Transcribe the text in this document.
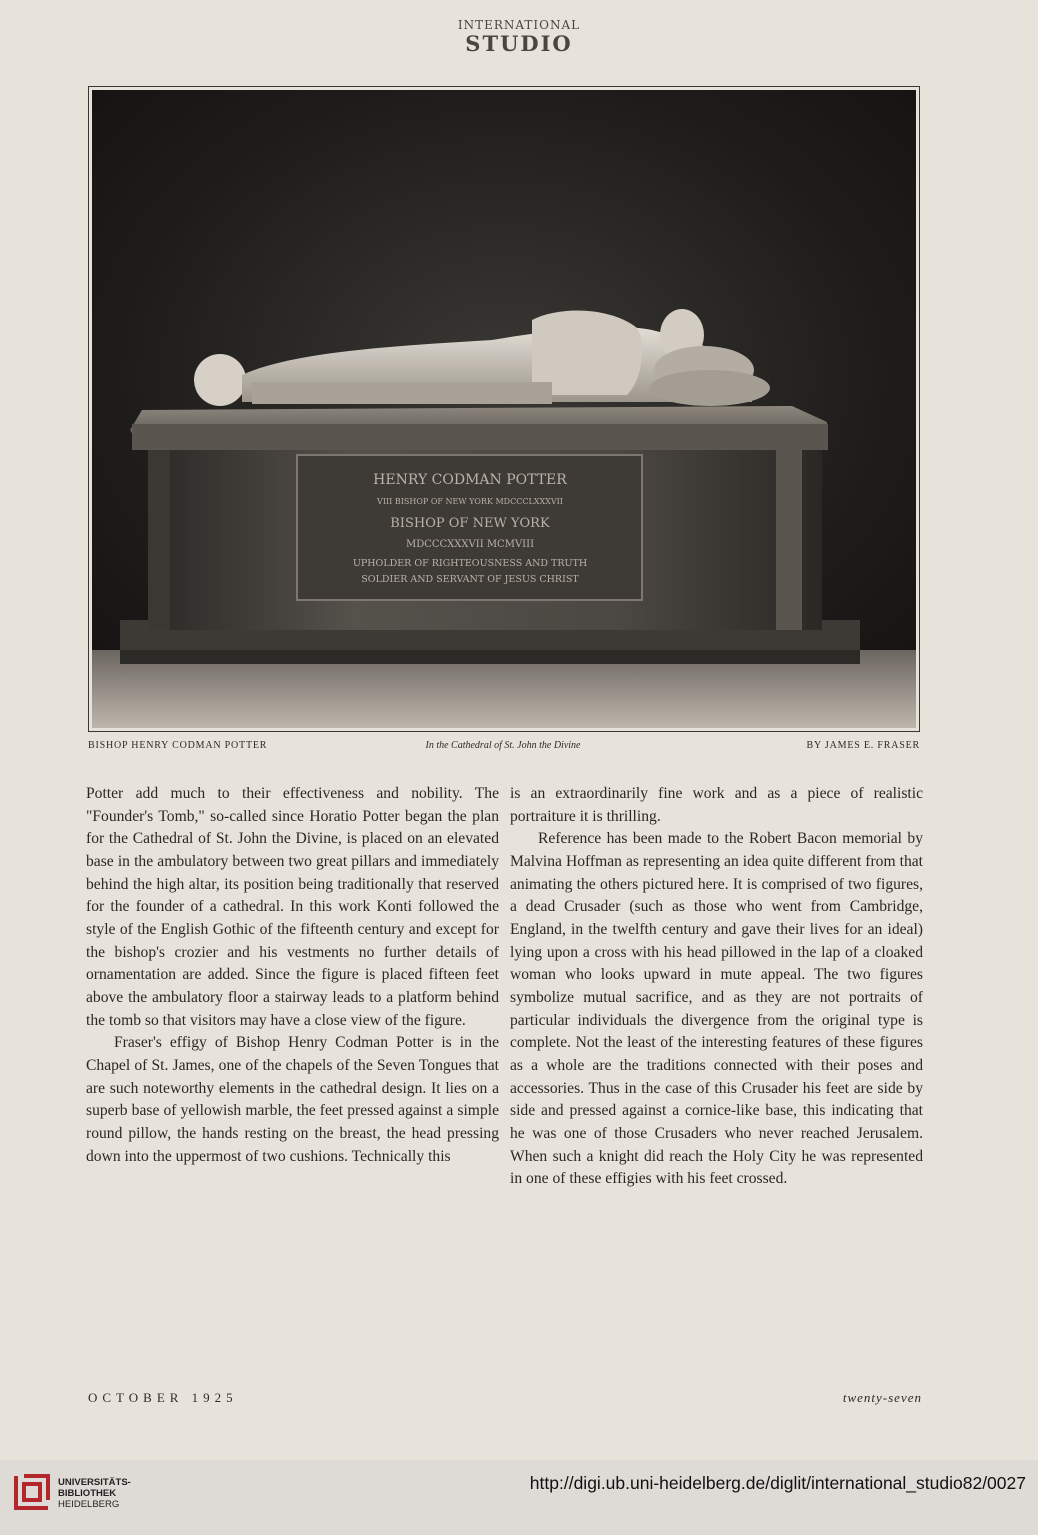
INTERNATIONAL
STUDIO
HENRY CODMAN POTTER
VIII BISHOP OF NEW YORK MDCCCLXXXVII
BISHOP OF NEW YORK
MDCCCXXXVII MCMVIII
UPHOLDER OF RIGHTEOUSNESS AND TRUTH
SOLDIER AND SERVANT OF JESUS CHRIST
BISHOP HENRY CODMAN POTTER	In the Cathedral of St. John the Divine	BY JAMES E. FRASER

Potter add much to their effectiveness and nobility. The "Founder's Tomb," so-called since Horatio Potter began the plan for the Cathedral of St. John the Divine, is placed on an elevated base in the ambulatory between two great pillars and immediately behind the high altar, its position being traditionally that reserved for the founder of a cathedral. In this work Konti followed the style of the English Gothic of the fifteenth century and except for the bishop's crozier and his vestments no further details of ornamentation are added. Since the figure is placed fifteen feet above the ambulatory floor a stairway leads to a platform behind the tomb so that visitors may have a close view of the figure.

Fraser's effigy of Bishop Henry Codman Potter is in the Chapel of St. James, one of the chapels of the Seven Tongues that are such noteworthy elements in the cathedral design. It lies on a superb base of yellowish marble, the feet pressed against a simple round pillow, the hands resting on the breast, the head pressing down into the uppermost of two cushions. Technically this

is an extraordinarily fine work and as a piece of realistic portraiture it is thrilling.

Reference has been made to the Robert Bacon memorial by Malvina Hoffman as representing an idea quite different from that animating the others pictured here. It is comprised of two figures, a dead Crusader (such as those who went from Cambridge, England, in the twelfth century and gave their lives for an ideal) lying upon a cross with his head pillowed in the lap of a cloaked woman who looks upward in mute appeal. The two figures symbolize mutual sacrifice, and as they are not portraits of particular individuals the divergence from the original type is complete. Not the least of the interesting features of these figures as a whole are the traditions connected with their poses and accessories. Thus in the case of this Crusader his feet are side by side and pressed against a cornice-like base, this indicating that he was one of those Crusaders who never reached Jerusalem. When such a knight did reach the Holy City he was represented in one of these effigies with his feet crossed.

OCTOBER 1925	twenty-seven
UNIVERSITÄTS-
BIBLIOTHEK
HEIDELBERG
http://digi.ub.uni-heidelberg.de/diglit/international_studio82/0027
